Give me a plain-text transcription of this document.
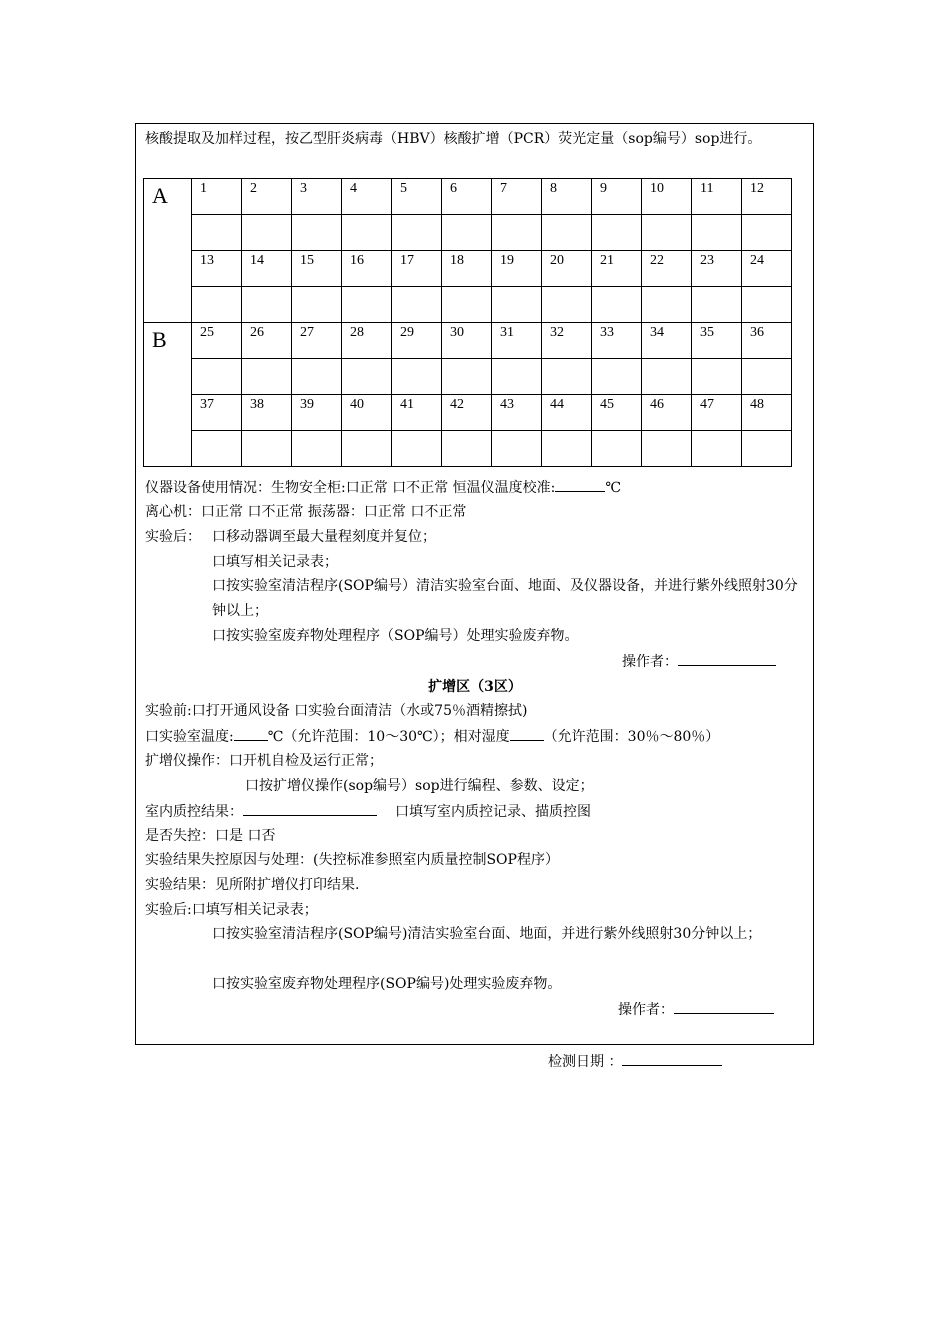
核酸提取及加样过程，按乙型肝炎病毒（HBV）核酸扩增（PCR）荧光定量（sop编号）sop进行。
A	1	2	3	4	5	6	7	8	9	10	11	12

	13	14	15	16	17	18	19	20	21	22	23	24

B	25	26	27	28	29	30	31	32	33	34	35	36

	37	38	39	40	41	42	43	44	45	46	47	48

仪器设备使用情况：生物安全柜:口正常 口不正常 恒温仪温度校准:	℃
离心机：口正常 口不正常 振荡器：口正常 口不正常
实验后： 口移动器调至最大量程刻度并复位；
口填写相关记录表；
口按实验室清洁程序(SOP编号）清洁实验室台面、地面、及仪器设备，并进行紫外线照射30分钟以上；
口按实验室废弃物处理程序（SOP编号）处理实验废弃物。
操作者：
扩增区（3区）
实验前:口打开通风设备 口实验台面清洁（水或75％酒精擦拭)
口实验室温度: ℃（允许范围：10～30℃）；相对湿度 （允许范围：30％～80％）
扩增仪操作：口开机自检及运行正常；
口按扩增仪操作(sop编号）sop进行编程、参数、设定；
室内质控结果：	口填写室内质控记录、描质控图
是否失控：口是 口否
实验结果失控原因与处理：(失控标准参照室内质量控制SOP程序）
实验结果：见所附扩增仪打印结果.
实验后:口填写相关记录表；
口按实验室清洁程序(SOP编号)清洁实验室台面、地面，并进行紫外线照射30分钟以上；
口按实验室废弃物处理程序(SOP编号)处理实验废弃物。
操作者：
检测日期 ：
